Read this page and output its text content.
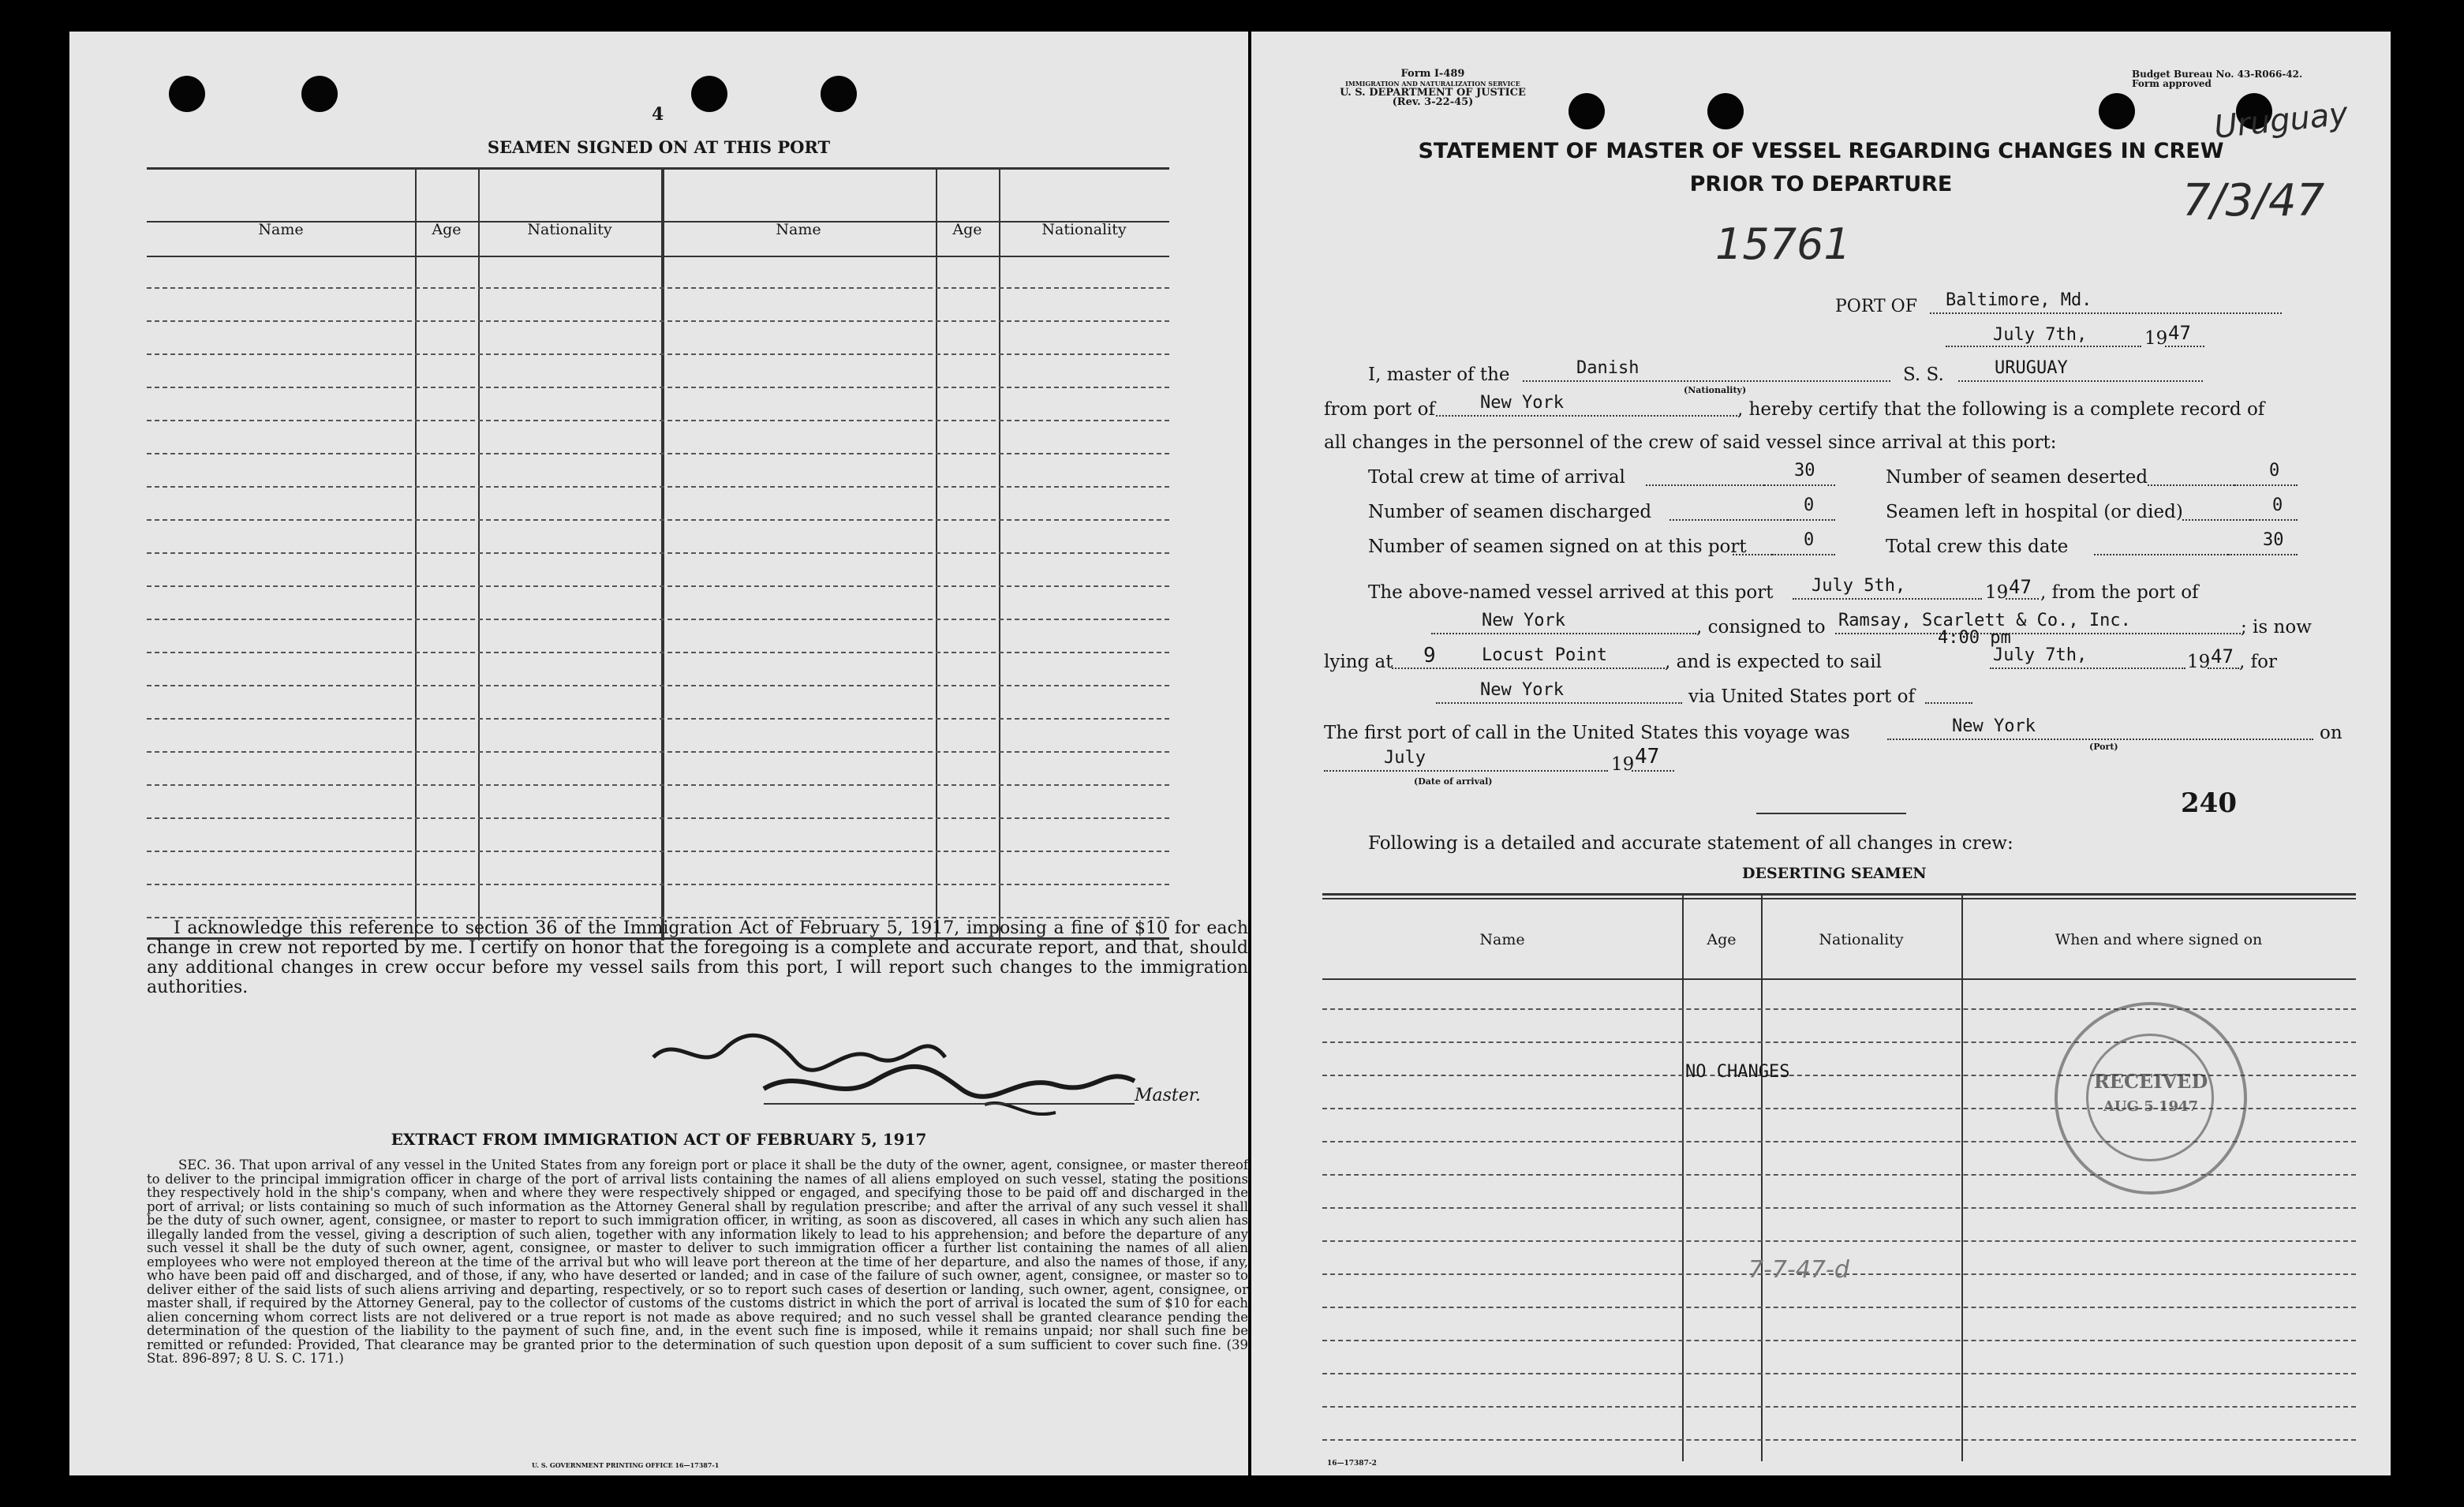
4
SEAMEN SIGNED ON AT THIS PORT
Name	Age	Nationality	Name	Age	Nationality
I acknowledge this reference to section 36 of the Immigration Act of February 5, 1917, imposing a fine of $10 for each change in crew not reported by me. I certify on honor that the foregoing is a complete and accurate report, and that, should any additional changes in crew occur before my vessel sails from this port, I will report such changes to the immigration authorities.
Master.
EXTRACT FROM IMMIGRATION ACT OF FEBRUARY 5, 1917
SEC. 36. That upon arrival of any vessel in the United States from any foreign port or place it shall be the duty of the owner, agent, consignee, or master thereof to deliver to the principal immigration officer in charge of the port of arrival lists containing the names of all aliens employed on such vessel, stating the positions they respectively hold in the ship's company, when and where they were respectively shipped or engaged, and specifying those to be paid off and discharged in the port of arrival; or lists containing so much of such information as the Attorney General shall by regulation prescribe; and after the arrival of any such vessel it shall be the duty of such owner, agent, consignee, or master to report to such immigration officer, in writing, as soon as discovered, all cases in which any such alien has illegally landed from the vessel, giving a description of such alien, together with any information likely to lead to his apprehension; and before the departure of any such vessel it shall be the duty of such owner, agent, consignee, or master to deliver to such immigration officer a further list containing the names of all alien employees who were not employed thereon at the time of the arrival but who will leave port thereon at the time of her departure, and also the names of those, if any, who have been paid off and discharged, and of those, if any, who have deserted or landed; and in case of the failure of such owner, agent, consignee, or master so to deliver either of the said lists of such aliens arriving and departing, respectively, or so to report such cases of desertion or landing, such owner, agent, consignee, or master shall, if required by the Attorney General, pay to the collector of customs of the customs district in which the port of arrival is located the sum of $10 for each alien concerning whom correct lists are not delivered or a true report is not made as above required; and no such vessel shall be granted clearance pending the determination of the question of the liability to the payment of such fine, and, in the event such fine is imposed, while it remains unpaid; nor shall such fine be remitted or refunded: Provided, That clearance may be granted prior to the determination of such question upon deposit of a sum sufficient to cover such fine. (39 Stat. 896-897; 8 U. S. C. 171.)
U. S. GOVERNMENT PRINTING OFFICE 16—17387-1
Form I-489
IMMIGRATION AND NATURALIZATION SERVICE
U. S. DEPARTMENT OF JUSTICE
(Rev. 3-22-45)
Budget Bureau No. 43-R066-42.
Form approved
STATEMENT OF MASTER OF VESSEL REGARDING CHANGES IN CREW
PRIOR TO DEPARTURE
Uruguay
7/3/47
15761
PORT OF Baltimore, Md.
July 7th,	19 47
I, master of the	Danish
(Nationality)
S. S.	URUGUAY
from port of	New York	, hereby certify that the following is a complete record of
all changes in the personnel of the crew of said vessel since arrival at this port:
Total crew at time of arrival	30	Number of seamen deserted	0
Number of seamen discharged	0	Seamen left in hospital (or died)	0
Number of seamen signed on at this port	0	Total crew this date	30
The above-named vessel arrived at this port July 5th,	19 47 , from the port of
New York	, consigned to Ramsay, Scarlett & Co., Inc.	; is now
lying at 9	Locust Point	, and is expected to sail
4:00 pm
July 7th,	19 47 , for
New York	via United States port of
The first port of call in the United States this voyage was	New York
(Port)
on
July	19 47
(Date of arrival)
240
Following is a detailed and accurate statement of all changes in crew:
DESERTING SEAMEN
Name	Age	Nationality	When and where signed on
NO CHANGES
7-7-47-d
RECEIVED
AUG 5 1947
16—17387-2
